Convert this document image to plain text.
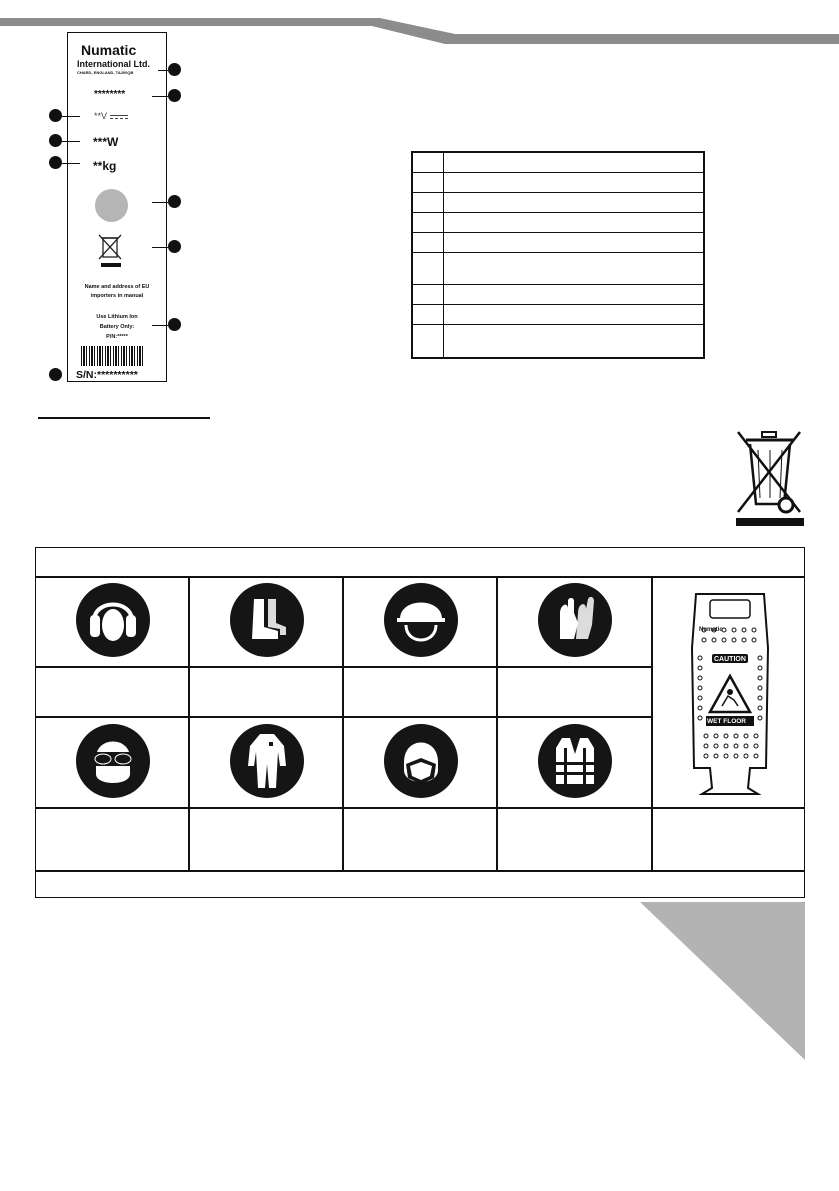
Numatic
International Ltd.
CHARD, ENGLAND, TA200QB
********
**V
***W
**kg
Name and address of EU
importers in manual
Use Lithium Ion
Battery Only:
P/N:*****
S/N:**********

Numatic
CAUTION
WET FLOOR
